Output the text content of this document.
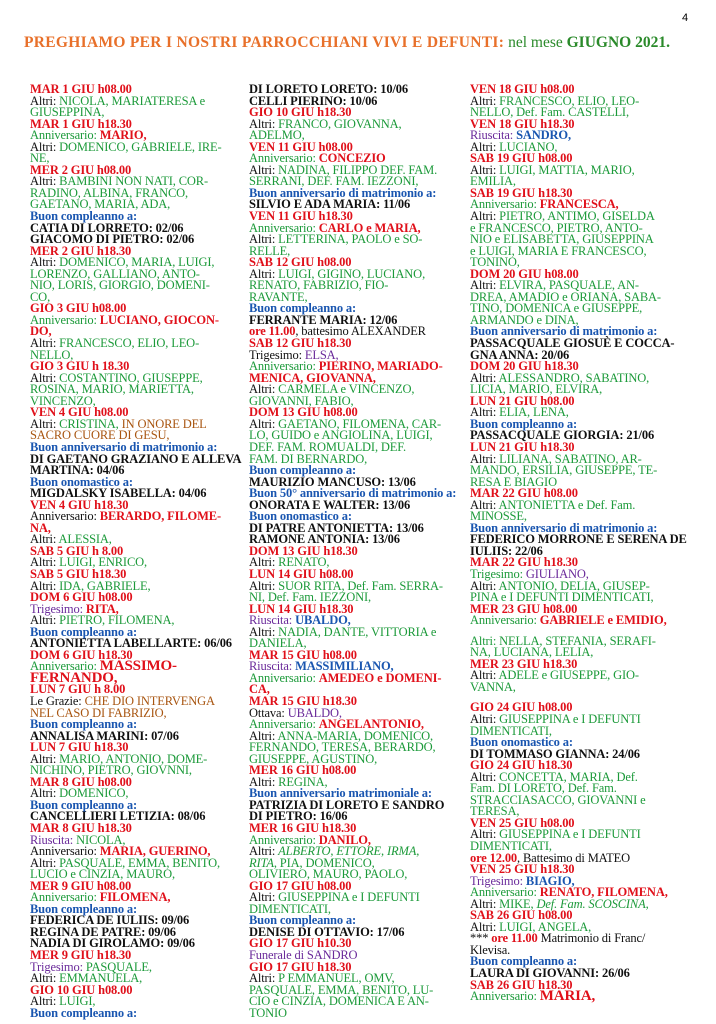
4
PREGHIAMO PER I NOSTRI PARROCCHIANI VIVI E DEFUNTI: nel mese GIUGNO 2021.
MAR 1 GIU h08.00
Altri: NICOLA, MARIATERESA e
GIUSEPPINA,
MAR 1 GIU h18.30
Anniversario: MARIO,
Altri: DOMENICO, GABRIELE, IRE-
NE,
MER 2 GIU h08.00
Altri: BAMBINI NON NATI, COR-
RADINO, ALBINA, FRANCO,
GAETANO, MARIA, ADA,
Buon compleanno a:
CATIA DI LORRETO: 02/06
GIACOMO DI PIETRO: 02/06
MER 2 GIU h18.30
Altri: DOMENICO, MARIA, LUIGI,
LORENZO, GALLIANO, ANTO-
NIO, LORIS, GIORGIO, DOMENI-
CO,
GIO 3 GIU h08.00
Anniversario: LUCIANO, GIOCON-
DO,
Altri: FRANCESCO, ELIO, LEO-
NELLO,
GIO 3 GIU h 18.30
Altri: COSTANTINO, GIUSEPPE,
ROSINA, MARIO, MARIETTA,
VINCENZO,
VEN 4 GIU h08.00
Altri: CRISTINA, IN ONORE DEL
SACRO CUORE DI GESU,
Buon anniversario di matrimonio a:
DI GAETANO GRAZIANO E ALLEVA
MARTINA: 04/06
Buon onomastico a:
MIGDALSKY ISABELLA: 04/06
VEN 4 GIU h18.30
Anniversario: BERARDO, FILOME-
NA,
Altri: ALESSIA,
SAB 5 GIU h 8.00
Altri: LUIGI, ENRICO,
SAB 5 GIU h18.30
Altri: IDA, GABRIELE,
DOM 6 GIU h08.00
Trigesimo: RITA,
Altri: PIETRO, FILOMENA,
Buon compleanno a:
ANTONIETTA LABELLARTE: 06/06
DOM 6 GIU h18.30
Anniversario: MASSIMO-
FERNANDO,
LUN 7 GIU h 8.00
Le Grazie: CHE DIO INTERVENGA
NEL CASO DI FABRIZIO,
Buon compleanno a:
ANNALISA MARINI: 07/06
LUN 7 GIU h18.30
Altri: MARIO, ANTONIO, DOME-
NICHINO, PIETRO, GIOVNNI,
MAR 8 GIU h08.00
Altri: DOMENICO,
Buon compleanno a:
CANCELLIERI LETIZIA: 08/06
MAR 8 GIU h18.30
Riuscita: NICOLA,
Anniversario: MARIA, GUERINO,
Altri: PASQUALE, EMMA, BENITO,
LUCIO e CINZIA, MAURO,
MER 9 GIU h08.00
Anniversario: FILOMENA,
Buon compleanno a:
FEDERICA DE IULIIS: 09/06
REGINA DE PATRE: 09/06
NADIA DI GIROLAMO: 09/06
MER 9 GIU h18.30
Trigesimo: PASQUALE,
Altri: EMMANUELA,
GIO 10 GIU h08.00
Altri: LUIGI,
Buon compleanno a:
DI LORETO LORETO: 10/06
CELLI PIERINO: 10/06
GIO 10 GIU h18.30
Altri: FRANCO, GIOVANNA,
ADELMO,
VEN 11 GIU h08.00
Anniversario: CONCEZIO
Altri: NADINA, FILIPPO DEF. FAM.
SERRANI, DEF. FAM. IEZZONI,
Buon anniversario di matrimonio a:
SILVIO E ADA MARIA: 11/06
VEN 11 GIU h18.30
Anniversario: CARLO e MARIA,
Altri: LETTERINA, PAOLO e SO-
RELLE,
SAB 12 GIU h08.00
Altri: LUIGI, GIGINO, LUCIANO,
RENATO, FABRIZIO, FIO-
RAVANTE,
Buon compleanno a:
FERRANTE MARIA: 12/06
ore 11.00, battesimo ALEXANDER
SAB 12 GIU h18.30
Trigesimo: ELSA,
Anniversario: PIERINO, MARIADO-
MENICA, GIOVANNA,
Altri: CARMELA e VINCENZO,
GIOVANNI, FABIO,
DOM 13 GIU h08.00
Altri: GAETANO, FILOMENA, CAR-
LO, GUIDO e ANGIOLINA, LUIGI,
DEF. FAM. ROMUALDI, DEF.
FAM. DI BERNARDO,
Buon compleanno a:
MAURIZIO MANCUSO: 13/06
Buon 50° anniversario di matrimonio a:
ONORATA E WALTER: 13/06
Buon onomastico a:
DI PATRE ANTONIETTA: 13/06
RAMONE ANTONIA: 13/06
DOM 13 GIU h18.30
Altri: RENATO,
LUN 14 GIU h08.00
Altri: SUOR RITA, Def. Fam. SERRA-
NI, Def. Fam. IEZZONI,
LUN 14 GIU h18.30
Riuscita: UBALDO,
Altri: NADIA, DANTE, VITTORIA e
DANIELA,
MAR 15 GIU h08.00
Riuscita: MASSIMILIANO,
Anniversario: AMEDEO e DOMENI-
CA,
MAR 15 GIU h18.30
Ottava: UBALDO,
Anniversario: ANGELANTONIO,
Altri: ANNA-MARIA, DOMENICO,
FERNANDO, TERESA, BERARDO,
GIUSEPPE, AGUSTINO,
MER 16 GIU h08.00
Altri: REGINA,
Buon anniversario matrimoniale a:
PATRIZIA DI LORETO E SANDRO
DI PIETRO: 16/06
MER 16 GIU h18.30
Anniversario: DANILO,
Altri: ALBERTO, ETTORE, IRMA,
RITA, PIA, DOMENICO,
OLIVIERO, MAURO, PAOLO,
GIO 17 GIU h08.00
Altri: GIUSEPPINA e I DEFUNTI
DIMENTICATI,
Buon compleanno a:
DENISE DI OTTAVIO: 17/06
GIO 17 GIU h10.30
Funerale di SANDRO
GIO 17 GIU h18.30
Altri: P EMMANUEL, OMV,
PASQUALE, EMMA, BENITO, LU-
CIO e CINZIA, DOMENICA E AN-
TONIO
VEN 18 GIU h08.00
Altri: FRANCESCO, ELIO, LEO-
NELLO, Def. Fam. CASTELLI,
VEN 18 GIU h18.30
Riuscita: SANDRO,
Altri: LUCIANO,
SAB 19 GIU h08.00
Altri: LUIGI, MATTIA, MARIO,
EMILIA,
SAB 19 GIU h18.30
Anniversario: FRANCESCA,
Altri: PIETRO, ANTIMO, GISELDA
e FRANCESCO, PIETRO, ANTO-
NIO e ELISABETTA, GIUSEPPINA
e LUIGI, MARIA E FRANCESCO,
TONINO,
DOM 20 GIU h08.00
Altri: ELVIRA, PASQUALE, AN-
DREA, AMADIO e ORIANA, SABA-
TINO, DOMENICA e GIUSEPPE,
ARMANDO e DINA,
Buon anniversario di matrimonio a:
PASSACQUALE GIOSUÈ E COCCA-
GNA ANNA: 20/06
DOM 20 GIU h18.30
Altri: ALESSANDRO, SABATINO,
LICIA, MARIO, ELVIRA,
LUN 21 GIU h08.00
Altri: ELIA, LENA,
Buon compleanno a:
PASSACQUALE GIORGIA: 21/06
LUN 21 GIU h18.30
Altri: LILIANA, SABATINO, AR-
MANDO, ERSILIA, GIUSEPPE, TE-
RESA E BIAGIO
MAR 22 GIU h08.00
Altri: ANTONIETTA e Def. Fam.
MINOSSE,
Buon anniversario di matrimonio a:
FEDERICO MORRONE E SERENA DE
IULIIS: 22/06
MAR 22 GIU h18.30
Trigesimo: GIULIANO,
Altri: ANTONIO, DELIA, GIUSEP-
PINA e I DEFUNTI DIMENTICATI,
MER 23 GIU h08.00
Anniversario: GABRIELE e EMIDIO,
Altri: NELLA, STEFANIA, SERAFI-
NA, LUCIANA, LELIA,
MER 23 GIU h18.30
Altri: ADELE e GIUSEPPE, GIO-
VANNA,
GIO 24 GIU h08.00
Altri: GIUSEPPINA e I DEFUNTI
DIMENTICATI,
Buon onomastico a:
DI TOMMASO GIANNA: 24/06
GIO 24 GIU h18.30
Altri: CONCETTA, MARIA, Def.
Fam. DI LORETO, Def. Fam.
STRACCIASACCO, GIOVANNI e
TERESA,
VEN 25 GIU h08.00
Altri: GIUSEPPINA e I DEFUNTI
DIMENTICATI,
ore 12.00, Battesimo di MATEO
VEN 25 GIU h18.30
Trigesimo: BIAGIO,
Anniversario: RENATO, FILOMENA,
Altri: MIKE, Def. Fam. SCOSCINA,
SAB 26 GIU h08.00
Altri: LUIGI, ANGELA,
*** ore 11.00 Matrimonio di Franc/
Klevisa.
Buon compleanno a:
LAURA DI GIOVANNI: 26/06
SAB 26 GIU h18.30
Anniversario: MARIA,
